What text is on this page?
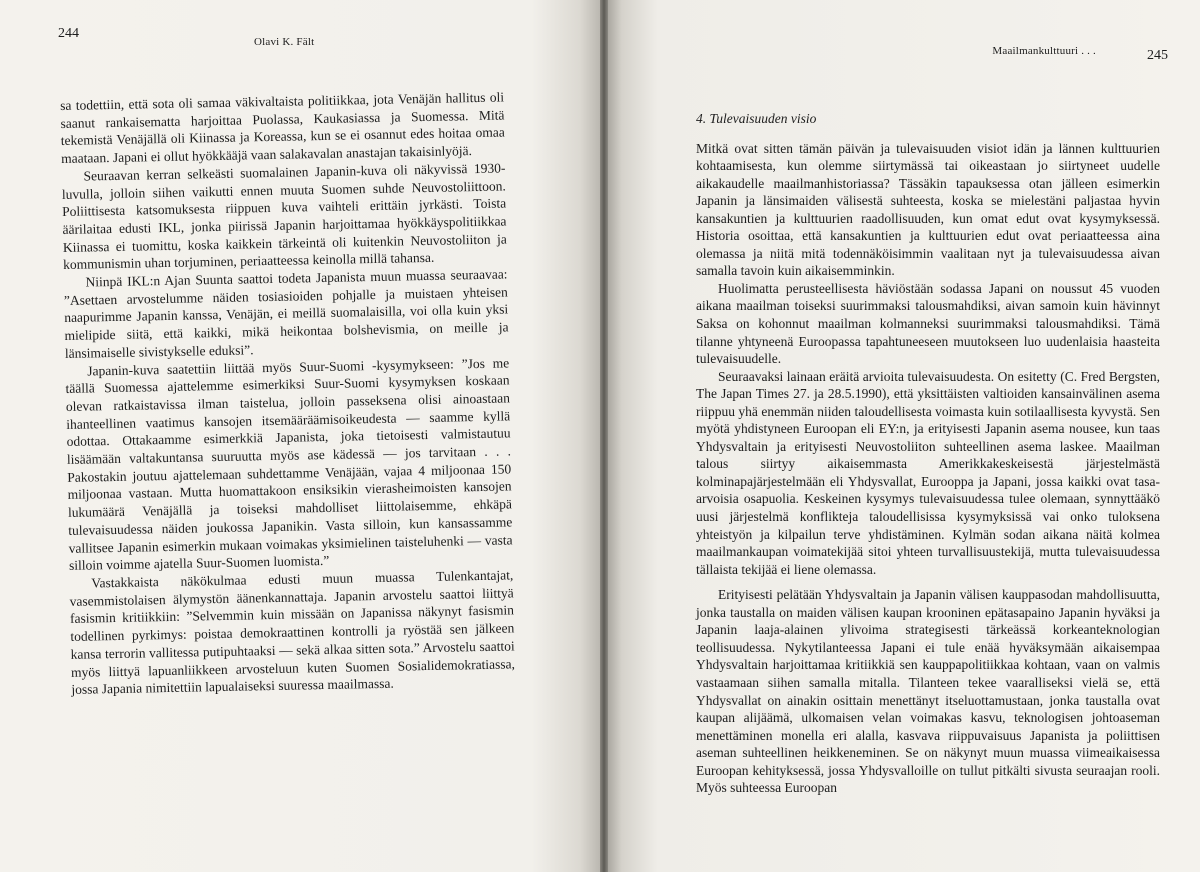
244
Olavi K. Fält

sa todettiin, että sota oli samaa väkivaltaista politiikkaa, jota Venäjän hallitus oli saanut rankaisematta harjoittaa Puolassa, Kaukasiassa ja Suomessa. Mitä tekemistä Venäjällä oli Kiinassa ja Koreassa, kun se ei osannut edes hoitaa omaa maataan. Japani ei ollut hyökkääjä vaan salakavalan anastajan takaisinlyöjä.

Seuraavan kerran selkeästi suomalainen Japanin-kuva oli näkyvissä 1930-luvulla, jolloin siihen vaikutti ennen muuta Suomen suhde Neuvostoliittoon. Poliittisesta katsomuksesta riippuen kuva vaihteli erittäin jyrkästi. Toista äärilaitaa edusti IKL, jonka piirissä Japanin harjoittamaa hyökkäyspolitiikkaa Kiinassa ei tuomittu, koska kaikkein tärkeintä oli kuitenkin Neuvostoliiton ja kommunismin uhan torjuminen, periaatteessa keinolla millä tahansa.

Niinpä IKL:n Ajan Suunta saattoi todeta Japanista muun muassa seuraavaa: ”Asettaen arvostelumme näiden tosiasioiden pohjalle ja muistaen yhteisen naapurimme Japanin kanssa, Venäjän, ei meillä suomalaisilla, voi olla kuin yksi mielipide siitä, että kaikki, mikä heikontaa bolshevismia, on meille ja länsimaiselle sivistykselle eduksi”.

Japanin-kuva saatettiin liittää myös Suur-Suomi -kysymykseen: ”Jos me täällä Suomessa ajattelemme esimerkiksi Suur-Suomi kysymyksen koskaan olevan ratkaistavissa ilman taistelua, jolloin passeksena olisi ainoastaan ihanteellinen vaatimus kansojen itsemääräämisoikeudesta — saamme kyllä odottaa. Ottakaamme esimerkkiä Japanista, joka tietoisesti valmistautuu lisäämään valtakuntansa suuruutta myös ase kädessä — jos tarvitaan . . . Pakostakin joutuu ajattelemaan suhdettamme Venäjään, vajaa 4 miljoonaa 150 miljoonaa vastaan. Mutta huomattakoon ensiksikin vierasheimoisten kansojen lukumäärä Venäjällä ja toiseksi mahdolliset liittolaisemme, ehkäpä tulevaisuudessa näiden joukossa Japanikin. Vasta silloin, kun kansassamme vallitsee Japanin esimerkin mukaan voimakas yksimielinen taisteluhenki — vasta silloin voimme ajatella Suur-Suomen luomista.”

Vastakkaista näkökulmaa edusti muun muassa Tulenkantajat, vasemmistolaisen älymystön äänenkannattaja. Japanin arvostelu saattoi liittyä fasismin kritiikkiin: ”Selvemmin kuin missään on Japanissa näkynyt fasismin todellinen pyrkimys: poistaa demokraattinen kontrolli ja ryöstää sen jälkeen kansa terrorin vallitessa putipuhtaaksi — sekä alkaa sitten sota.” Arvostelu saattoi myös liittyä lapuanliikkeen arvosteluun kuten Suomen Sosialidemokratiassa, jossa Japania nimitettiin lapualaiseksi suuressa maailmassa.

Maailmankulttuuri . . .	245
4. Tulevaisuuden visio

Mitkä ovat sitten tämän päivän ja tulevaisuuden visiot idän ja lännen kulttuurien kohtaamisesta, kun olemme siirtymässä tai oikeastaan jo siirtyneet uudelle aikakaudelle maailmanhistoriassa? Tässäkin tapauksessa otan jälleen esimerkin Japanin ja länsimaiden välisestä suhteesta, koska se mielestäni paljastaa hyvin kansakuntien ja kulttuurien raadollisuuden, kun omat edut ovat kysymyksessä. Historia osoittaa, että kansakuntien ja kulttuurien edut ovat periaatteessa aina olemassa ja niitä mitä todennäköisimmin vaalitaan nyt ja tulevaisuudessa aivan samalla tavoin kuin aikaisemminkin.

Huolimatta perusteellisesta häviöstään sodassa Japani on noussut 45 vuoden aikana maailman toiseksi suurimmaksi talousmahdiksi, aivan samoin kuin hävinnyt Saksa on kohonnut maailman kolmanneksi suurimmaksi talousmahdiksi. Tämä tilanne yhtyneenä Euroopassa tapahtuneeseen muutokseen luo uudenlaisia haasteita tulevaisuudelle.

Seuraavaksi lainaan eräitä arvioita tulevaisuudesta. On esitetty (C. Fred Bergsten, The Japan Times 27. ja 28.5.1990), että yksittäisten valtioiden kansainvälinen asema riippuu yhä enemmän niiden taloudellisesta voimasta kuin sotilaallisesta kyvystä. Sen myötä yhdistyneen Euroopan eli EY:n, ja erityisesti Japanin asema nousee, kun taas Yhdysvaltain ja erityisesti Neuvostoliiton suhteellinen asema laskee. Maailman talous siirtyy aikaisemmasta Amerikkakeskeisestä järjestelmästä kolminapajärjestelmään eli Yhdysvallat, Eurooppa ja Japani, jossa kaikki ovat tasa-arvoisia osapuolia. Keskeinen kysymys tulevaisuudessa tulee olemaan, synnyttääkö uusi järjestelmä konflikteja taloudellisissa kysymyksissä vai onko tuloksena yhteistyön ja kilpailun terve yhdistäminen. Kylmän sodan aikana näitä kolmea maailmankaupan voimatekijää sitoi yhteen turvallisuustekijä, mutta tulevaisuudessa tällaista tekijää ei liene olemassa.

Erityisesti pelätään Yhdysvaltain ja Japanin välisen kauppasodan mahdollisuutta, jonka taustalla on maiden välisen kaupan krooninen epätasapaino Japanin hyväksi ja Japanin laaja-alainen ylivoima strategisesti tärkeässä korkeanteknologian teollisuudessa. Nykytilanteessa Japani ei tule enää hyväksymään aikaisempaa Yhdysvaltain harjoittamaa kritiikkiä sen kauppapolitiikkaa kohtaan, vaan on valmis vastaamaan siihen samalla mitalla. Tilanteen tekee vaaralliseksi vielä se, että Yhdysvallat on ainakin osittain menettänyt itseluottamustaan, jonka taustalla ovat kaupan alijäämä, ulkomaisen velan voimakas kasvu, teknologisen johtoaseman menettäminen monella eri alalla, kasvava riippuvaisuus Japanista ja poliittisen aseman suhteellinen heikkeneminen. Se on näkynyt muun muassa viimeaikaisessa Euroopan kehityksessä, jossa Yhdysvalloille on tullut pitkälti sivusta seuraajan rooli. Myös suhteessa Euroopan
